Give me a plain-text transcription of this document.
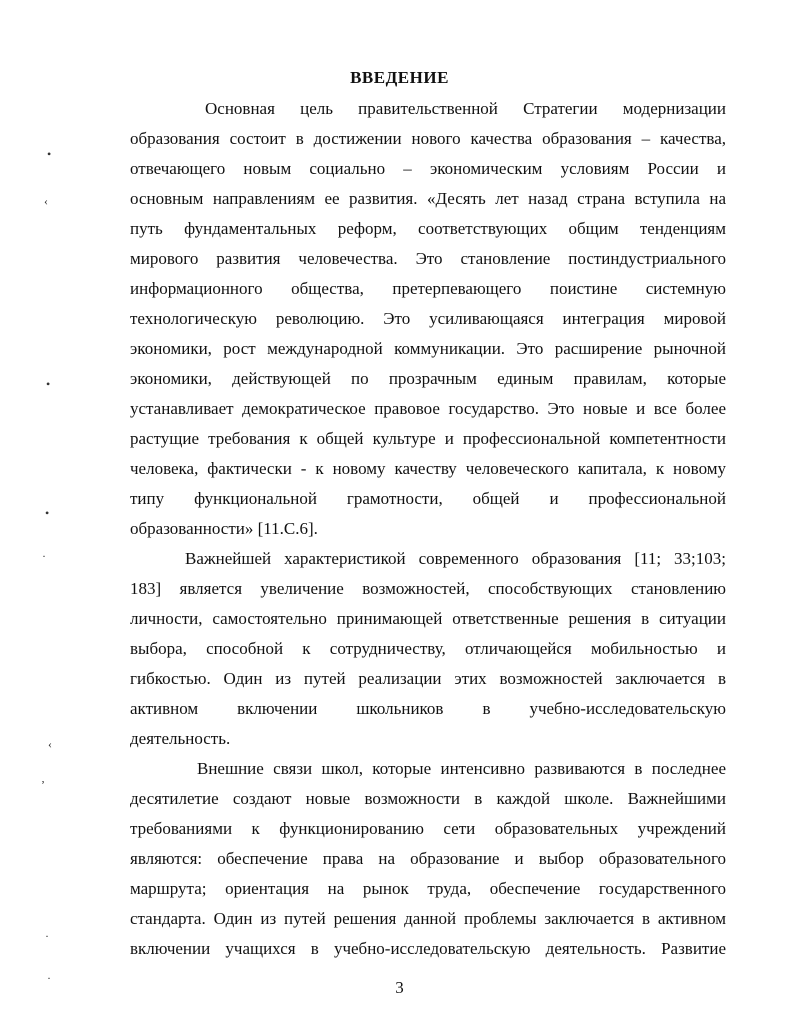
ВВЕДЕНИЕ
Основная цель правительственной Стратегии модернизации
образования состоит в достижении нового качества образования – качества,
отвечающего новым социально – экономическим условиям России и
основным направлениям ее развития. «Десять лет назад страна вступила на
путь фундаментальных реформ, соответствующих общим тенденциям
мирового развития человечества. Это становление постиндустриального
информационного общества, претерпевающего поистине системную
технологическую революцию. Это усиливающаяся интеграция мировой
экономики, рост международной коммуникации. Это расширение рыночной
экономики, действующей по прозрачным единым правилам, которые
устанавливает демократическое правовое государство. Это новые и все более
растущие требования к общей культуре и профессиональной компетентности
человека, фактически - к новому качеству человеческого капитала, к новому
типу функциональной грамотности, общей и профессиональной
образованности» [11.С.6].
Важнейшей характеристикой современного образования [11; 33;103;
183] является увеличение возможностей, способствующих становлению
личности, самостоятельно принимающей ответственные решения в ситуации
выбора, способной к сотрудничеству, отличающейся мобильностью и
гибкостью. Один из путей реализации этих возможностей заключается в
активном включении школьников в учебно-исследовательскую
деятельность.
Внешние связи школ, которые интенсивно развиваются в последнее
десятилетие создают новые возможности в каждой школе. Важнейшими
требованиями к функционированию сети образовательных учреждений
являются: обеспечение права на образование и выбор образовательного
маршрута; ориентация на рынок труда, обеспечение государственного
стандарта. Один из путей решения данной проблемы заключается в активном
включении учащихся в учебно-исследовательскую деятельность. Развитие
3
•
‹
•
•
·
‹
‚
·
·
